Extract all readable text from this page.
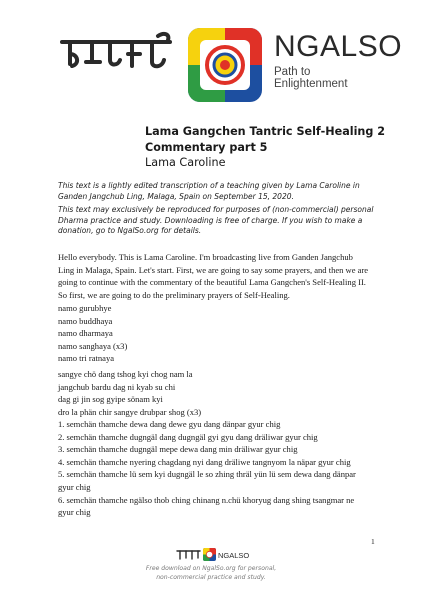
NGALSO
Path to Enlightenment
Lama Gangchen Tantric Self-Healing 2
Commentary part 5
Lama Caroline
This text is a lightly edited transcription of a teaching given by Lama Caroline in
Ganden Jangchub Ling, Malaga, Spain on September 15, 2020.
This text may exclusively be reproduced for purposes of (non-commercial) personal
Dharma practice and study. Downloading is free of charge. If you wish to make a
donation, go to NgalSo.org for details.
Hello everybody. This is Lama Caroline. I'm broadcasting live from Ganden Jangchub
Ling in Malaga, Spain. Let's start. First, we are going to say some prayers, and then we are
going to continue with the commentary of the beautiful Lama Gangchen's Self-Healing II.
So first, we are going to do the preliminary prayers of Self-Healing.
namo gurubhye
namo buddhaya
namo dharmaya
namo sanghaya (x3)
namo tri ratnaya
sangye chö dang tshog kyi chog nam la
jangchub bardu dag ni kyab su chi
dag gi jin sog gyipe sönam kyi
dro la phän chir sangye drubpar shog (x3)
1. semchän thamche dewa dang dewe gyu dang dänpar gyur chig
2. semchän thamche dugngäl dang dugngäl gyi gyu dang dräliwar gyur chig
3. semchän thamche dugngäl mepe dewa dang min dräliwar gyur chig
4. semchän thamche nyering chagdang nyi dang dräliwe tangnyom la näpar gyur chig
5. semchän thamche lü sem kyi dugngäl le so zhing thräl yün lü sem dewa dang dänpar
gyur chig
6. semchän thamche ngälso thob ching chinang n.chü khoryug dang shing tsangmar ne
gyur chig
1
NGALSO
Free download on NgalSo.org for personal,
non-commercial practice and study.
